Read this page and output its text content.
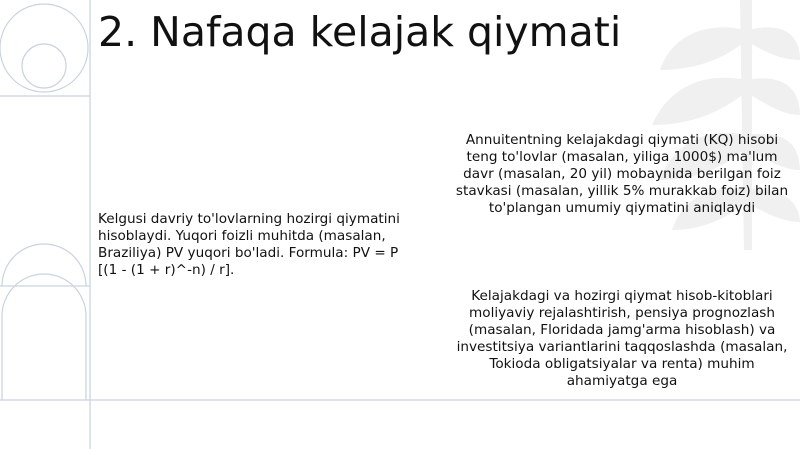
2. Nafaqa kelajak qiymati
Kelgusi davriy to'lovlarning hozirgi qiymatini hisoblaydi. Yuqori foizli muhitda (masalan, Braziliya) PV yuqori bo'ladi. Formula: PV = P [(1 - (1 + r)^-n) / r].
Annuitentning kelajakdagi qiymati (KQ) hisobi teng to'lovlar (masalan, yiliga 1000$) ma'lum davr (masalan, 20 yil) mobaynida berilgan foiz stavkasi (masalan, yillik 5% murakkab foiz) bilan to'plangan umumiy qiymatini aniqlaydi
Kelajakdagi va hozirgi qiymat hisob-kitoblari moliyaviy rejalashtirish, pensiya prognozlash (masalan, Floridada jamg'arma hisoblash) va investitsiya variantlarini taqqoslashda (masalan, Tokioda obligatsiyalar va renta) muhim ahamiyatga ega
